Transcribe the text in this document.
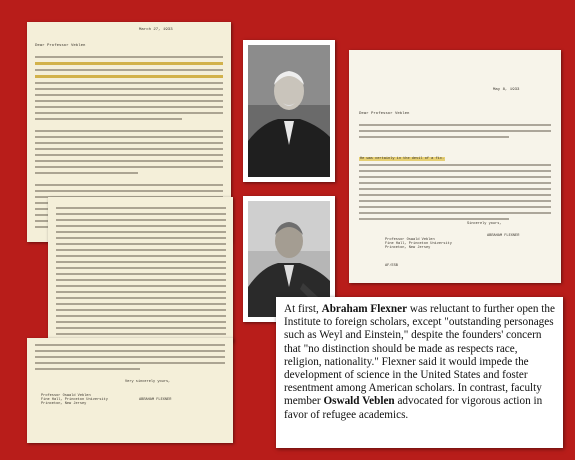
March 27, 1933
Dear Professor Veblen
Very sincerely yours,
Professor Oswald Veblen
Fine Hall, Princeton University
Princeton, New Jersey
ABRAHAM FLEXNER
May 8, 1933
Dear Professor Veblen
He was certainly in the devil of a fix.
Sincerely yours,
ABRAHAM FLEXNER
Professor Oswald Veblen
Fine Hall, Princeton University
Princeton, New Jersey
AF/ESB
At first, Abraham Flexner was reluctant to further open the Institute to foreign scholars, except "outstanding personages such as Weyl and Einstein," despite the founders' concern that "no distinction should be made as respects race, religion, nationality." Flexner said it would impede the development of science in the United States and foster resentment among American scholars. In contrast, faculty member Oswald Veblen advocated for vigorous action in favor of refugee academics.
